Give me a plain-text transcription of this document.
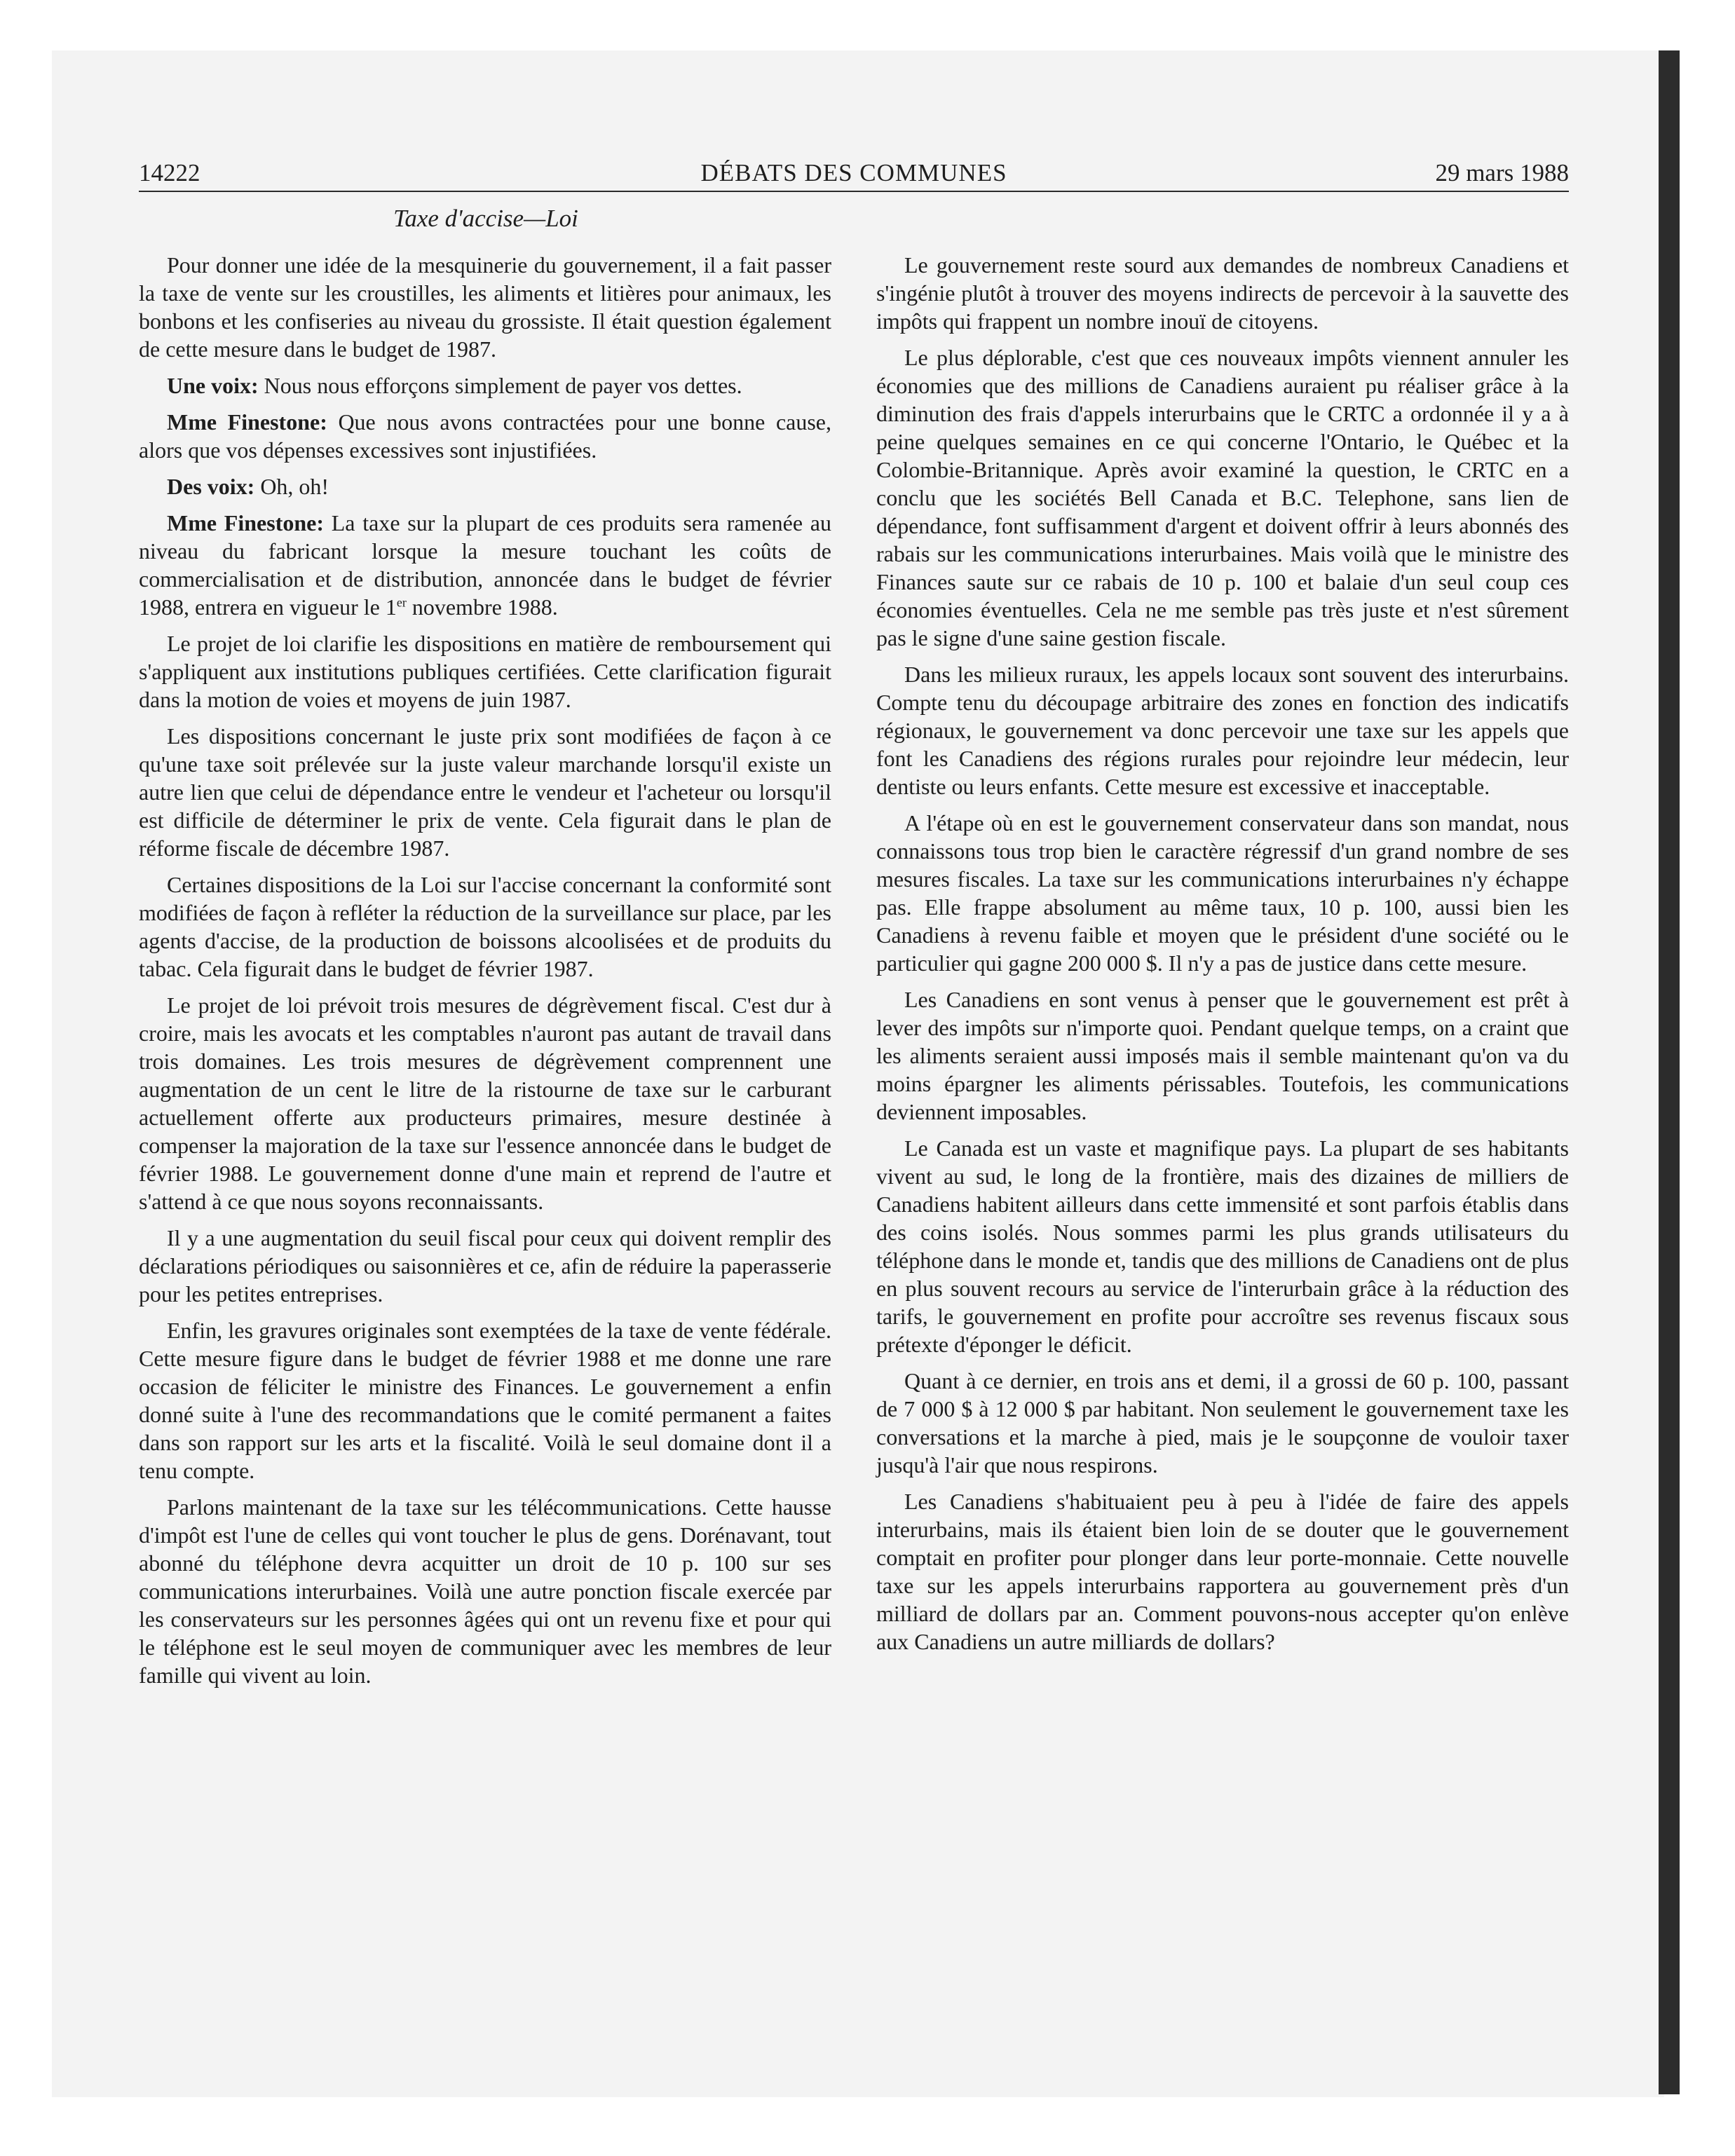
14222	DÉBATS DES COMMUNES	29 mars 1988
Taxe d'accise—Loi

Pour donner une idée de la mesquinerie du gouvernement, il a fait passer la taxe de vente sur les croustilles, les aliments et litières pour animaux, les bonbons et les confiseries au niveau du grossiste. Il était question également de cette mesure dans le budget de 1987.

Une voix: Nous nous efforçons simplement de payer vos dettes.

Mme Finestone: Que nous avons contractées pour une bonne cause, alors que vos dépenses excessives sont injustifiées.

Des voix: Oh, oh!

Mme Finestone: La taxe sur la plupart de ces produits sera ramenée au niveau du fabricant lorsque la mesure touchant les coûts de commercialisation et de distribution, annoncée dans le budget de février 1988, entrera en vigueur le 1er novembre 1988.

Le projet de loi clarifie les dispositions en matière de remboursement qui s'appliquent aux institutions publiques certifiées. Cette clarification figurait dans la motion de voies et moyens de juin 1987.

Les dispositions concernant le juste prix sont modifiées de façon à ce qu'une taxe soit prélevée sur la juste valeur marchande lorsqu'il existe un autre lien que celui de dépendance entre le vendeur et l'acheteur ou lorsqu'il est difficile de déterminer le prix de vente. Cela figurait dans le plan de réforme fiscale de décembre 1987.

Certaines dispositions de la Loi sur l'accise concernant la conformité sont modifiées de façon à refléter la réduction de la surveillance sur place, par les agents d'accise, de la production de boissons alcoolisées et de produits du tabac. Cela figurait dans le budget de février 1987.

Le projet de loi prévoit trois mesures de dégrèvement fiscal. C'est dur à croire, mais les avocats et les comptables n'auront pas autant de travail dans trois domaines. Les trois mesures de dégrèvement comprennent une augmentation de un cent le litre de la ristourne de taxe sur le carburant actuellement offerte aux producteurs primaires, mesure destinée à compenser la majoration de la taxe sur l'essence annoncée dans le budget de février 1988. Le gouvernement donne d'une main et reprend de l'autre et s'attend à ce que nous soyons reconnaissants.

Il y a une augmentation du seuil fiscal pour ceux qui doivent remplir des déclarations périodiques ou saisonnières et ce, afin de réduire la paperasserie pour les petites entreprises.

Enfin, les gravures originales sont exemptées de la taxe de vente fédérale. Cette mesure figure dans le budget de février 1988 et me donne une rare occasion de féliciter le ministre des Finances. Le gouvernement a enfin donné suite à l'une des recommandations que le comité permanent a faites dans son rapport sur les arts et la fiscalité. Voilà le seul domaine dont il a tenu compte.

Parlons maintenant de la taxe sur les télécommunications. Cette hausse d'impôt est l'une de celles qui vont toucher le plus de gens. Dorénavant, tout abonné du téléphone devra acquitter un droit de 10 p. 100 sur ses communications interurbaines. Voilà une autre ponction fiscale exercée par les conservateurs sur les personnes âgées qui ont un revenu fixe et pour qui le téléphone est le seul moyen de communiquer avec les membres de leur famille qui vivent au loin.

Le gouvernement reste sourd aux demandes de nombreux Canadiens et s'ingénie plutôt à trouver des moyens indirects de percevoir à la sauvette des impôts qui frappent un nombre inouï de citoyens.

Le plus déplorable, c'est que ces nouveaux impôts viennent annuler les économies que des millions de Canadiens auraient pu réaliser grâce à la diminution des frais d'appels interurbains que le CRTC a ordonnée il y a à peine quelques semaines en ce qui concerne l'Ontario, le Québec et la Colombie-Britannique. Après avoir examiné la question, le CRTC en a conclu que les sociétés Bell Canada et B.C. Telephone, sans lien de dépendance, font suffisamment d'argent et doivent offrir à leurs abonnés des rabais sur les communications interurbaines. Mais voilà que le ministre des Finances saute sur ce rabais de 10 p. 100 et balaie d'un seul coup ces économies éventuelles. Cela ne me semble pas très juste et n'est sûrement pas le signe d'une saine gestion fiscale.

Dans les milieux ruraux, les appels locaux sont souvent des interurbains. Compte tenu du découpage arbitraire des zones en fonction des indicatifs régionaux, le gouvernement va donc percevoir une taxe sur les appels que font les Canadiens des régions rurales pour rejoindre leur médecin, leur dentiste ou leurs enfants. Cette mesure est excessive et inacceptable.

A l'étape où en est le gouvernement conservateur dans son mandat, nous connaissons tous trop bien le caractère régressif d'un grand nombre de ses mesures fiscales. La taxe sur les communications interurbaines n'y échappe pas. Elle frappe absolument au même taux, 10 p. 100, aussi bien les Canadiens à revenu faible et moyen que le président d'une société ou le particulier qui gagne 200 000 $. Il n'y a pas de justice dans cette mesure.

Les Canadiens en sont venus à penser que le gouvernement est prêt à lever des impôts sur n'importe quoi. Pendant quelque temps, on a craint que les aliments seraient aussi imposés mais il semble maintenant qu'on va du moins épargner les aliments périssables. Toutefois, les communications deviennent imposables.

Le Canada est un vaste et magnifique pays. La plupart de ses habitants vivent au sud, le long de la frontière, mais des dizaines de milliers de Canadiens habitent ailleurs dans cette immensité et sont parfois établis dans des coins isolés. Nous sommes parmi les plus grands utilisateurs du téléphone dans le monde et, tandis que des millions de Canadiens ont de plus en plus souvent recours au service de l'interurbain grâce à la réduction des tarifs, le gouvernement en profite pour accroître ses revenus fiscaux sous prétexte d'éponger le déficit.

Quant à ce dernier, en trois ans et demi, il a grossi de 60 p. 100, passant de 7 000 $ à 12 000 $ par habitant. Non seulement le gouvernement taxe les conversations et la marche à pied, mais je le soupçonne de vouloir taxer jusqu'à l'air que nous respirons.

Les Canadiens s'habituaient peu à peu à l'idée de faire des appels interurbains, mais ils étaient bien loin de se douter que le gouvernement comptait en profiter pour plonger dans leur porte-monnaie. Cette nouvelle taxe sur les appels interurbains rapportera au gouvernement près d'un milliard de dollars par an. Comment pouvons-nous accepter qu'on enlève aux Canadiens un autre milliards de dollars?
